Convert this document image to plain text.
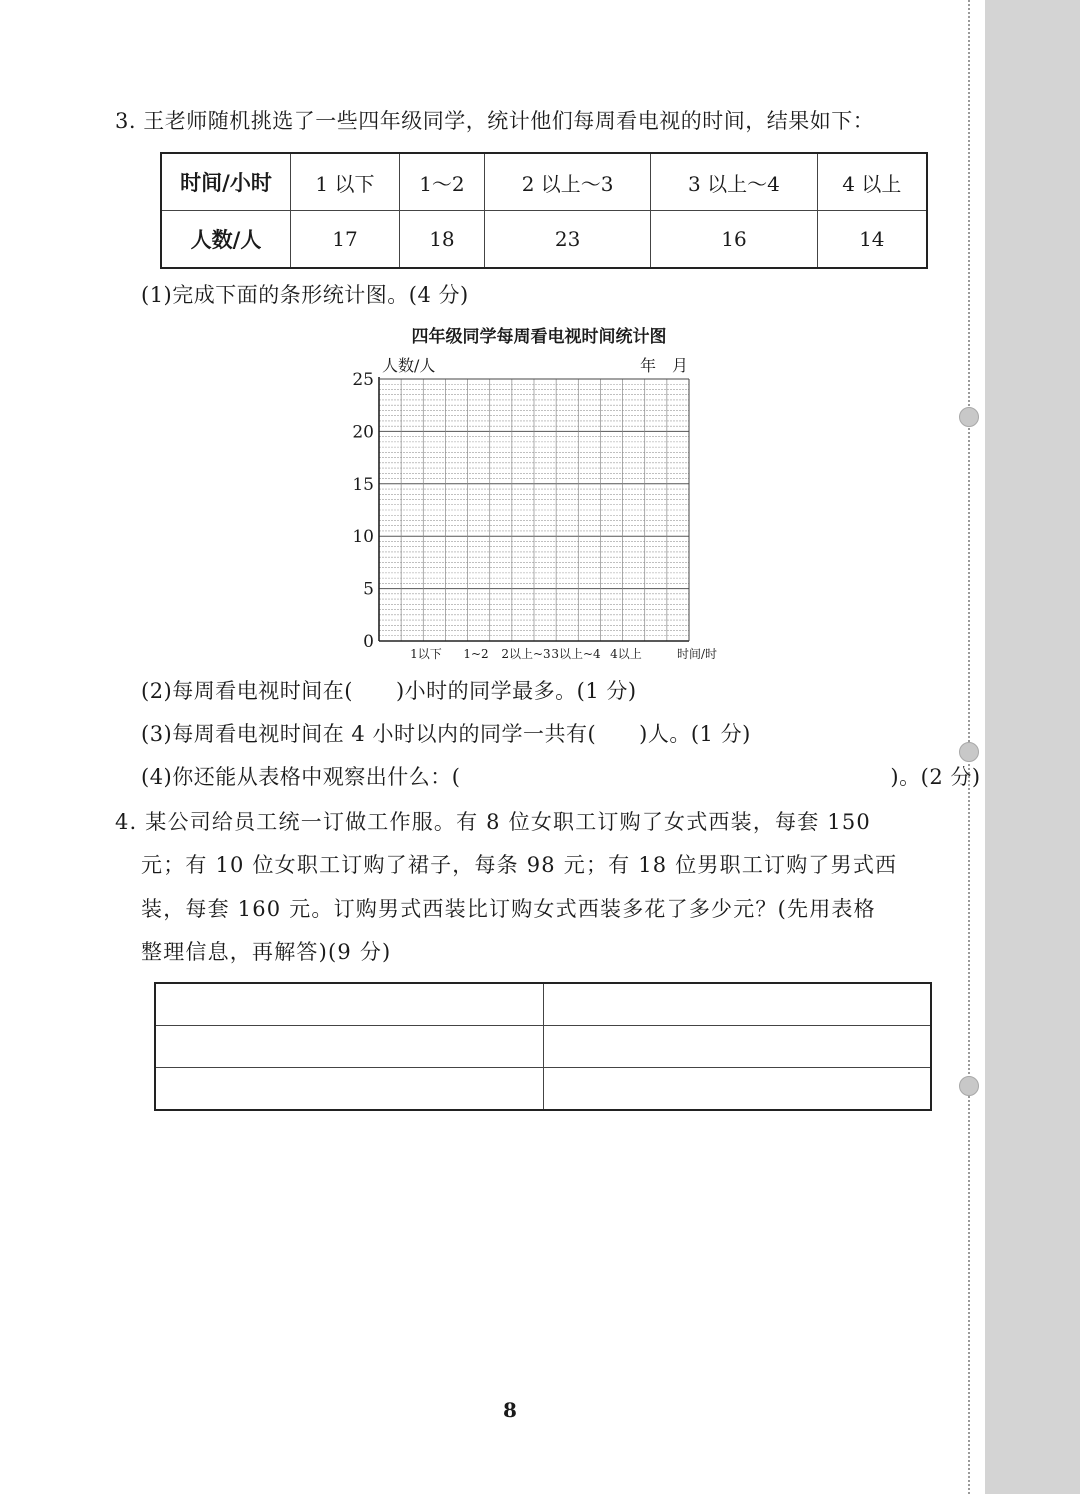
3. 王老师随机挑选了一些四年级同学，统计他们每周看电视的时间，结果如下：
时间/小时	1 以下	1～2	2 以上～3	3 以上～4	4 以上
人数/人	17	18	23	16	14
(1)完成下面的条形统计图。(4 分)
四年级同学每周看电视时间统计图
0
5
10
15
20
25
1以下 1~2 2以上~3 3以上~4 4以上
人数/人	年　月
时间/时
(2)每周看电视时间在(　　)小时的同学最多。(1 分)
(3)每周看电视时间在 4 小时以内的同学一共有(　　)人。(1 分)
(4)你还能从表格中观察出什么：(　　　　　　　　　　　　　　　　　　　　)。(2 分)
4. 某公司给员工统一订做工作服。有 8 位女职工订购了女式西装，每套 150
元；有 10 位女职工订购了裙子，每条 98 元；有 18 位男职工订购了男式西
装，每套 160 元。订购男式西装比订购女式西装多花了多少元？(先用表格
整理信息，再解答)(9 分)

8
